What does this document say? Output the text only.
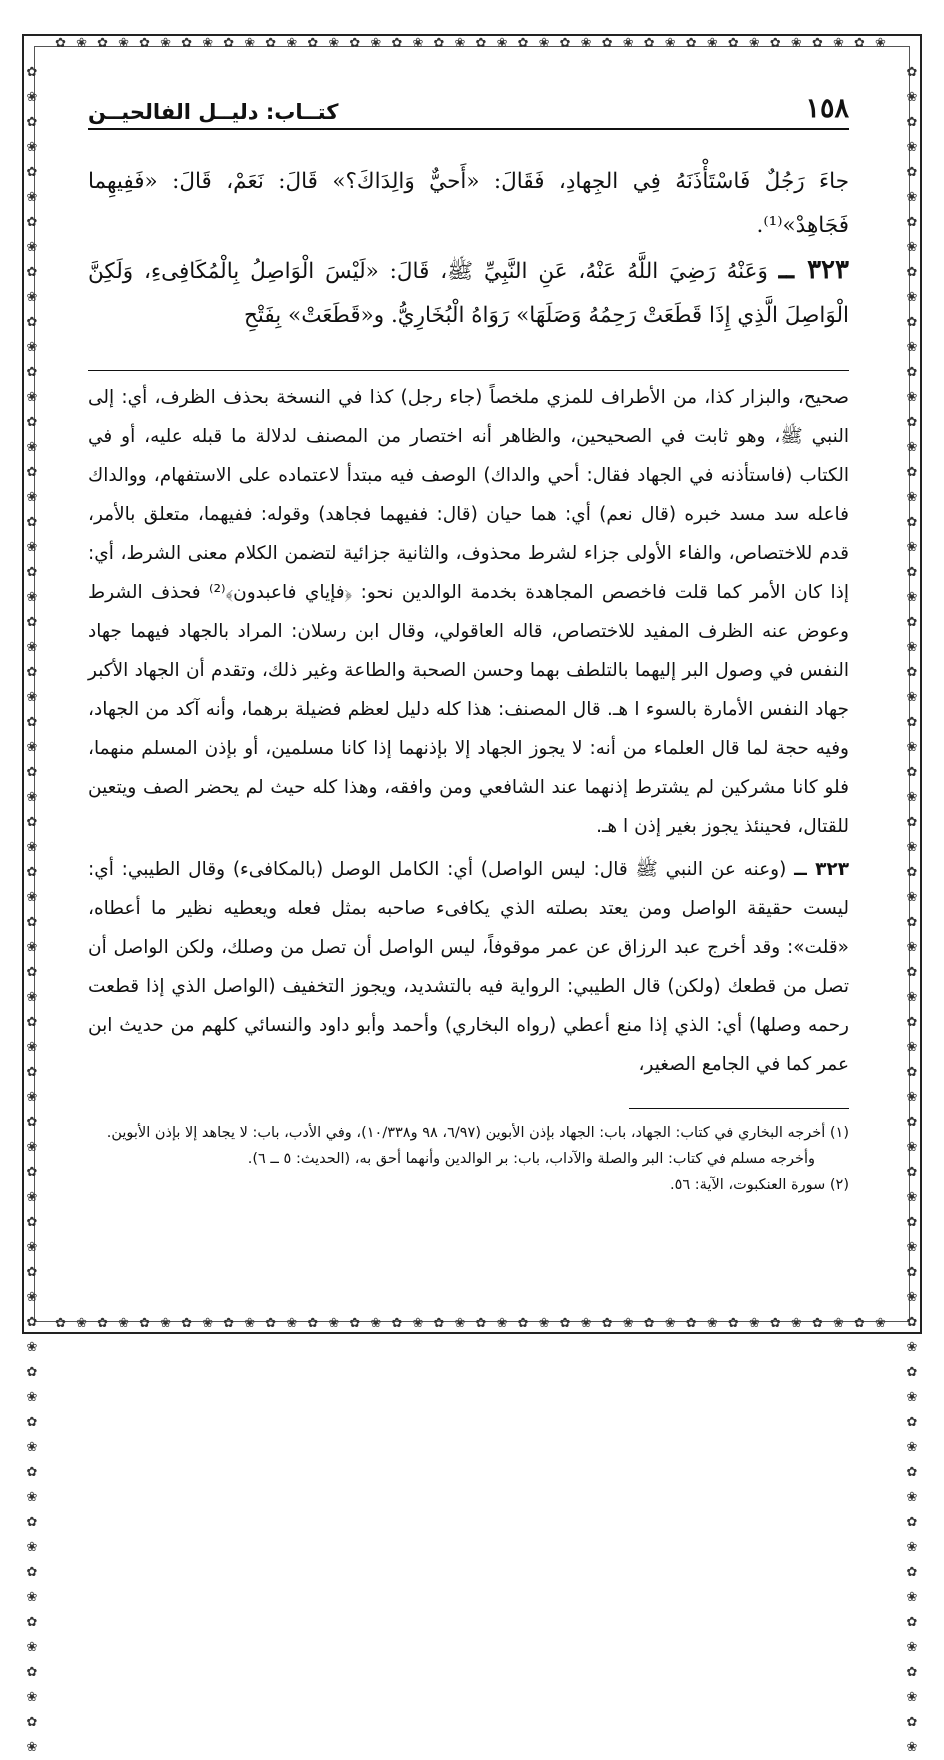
✿ ❀ ✿ ❀ ✿ ❀ ✿ ❀ ✿ ❀ ✿ ❀ ✿ ❀ ✿ ❀ ✿ ❀ ✿ ❀ ✿ ❀ ✿ ❀ ✿ ❀ ✿ ❀ ✿ ❀ ✿ ❀ ✿ ❀ ✿ ❀ ✿ ❀ ✿ ❀
✿ ❀ ✿ ❀ ✿ ❀ ✿ ❀ ✿ ❀ ✿ ❀ ✿ ❀ ✿ ❀ ✿ ❀ ✿ ❀ ✿ ❀ ✿ ❀ ✿ ❀ ✿ ❀ ✿ ❀ ✿ ❀ ✿ ❀ ✿ ❀ ✿ ❀ ✿ ❀
✿❀✿❀✿❀✿❀✿❀✿❀✿❀✿❀✿❀✿❀✿❀✿❀✿❀✿❀✿❀✿❀✿❀✿❀✿❀✿❀✿❀✿❀✿❀✿❀✿❀✿❀✿❀✿❀✿❀✿❀✿❀✿❀✿❀✿❀
✿❀✿❀✿❀✿❀✿❀✿❀✿❀✿❀✿❀✿❀✿❀✿❀✿❀✿❀✿❀✿❀✿❀✿❀✿❀✿❀✿❀✿❀✿❀✿❀✿❀✿❀✿❀✿❀✿❀✿❀✿❀✿❀✿❀✿❀
١٥٨
كتــاب: دليــل الفالحيــن

جاءَ رَجُلٌ فَاسْتَأْذَنَهُ فِي الجِهادِ، فَقَالَ: «أَحيٌّ وَالِدَاكَ؟» قَالَ: نَعَمْ، قَالَ: «فَفِيهِما فَجَاهِدْ»⁽¹⁾.

٣٢٣ ــ وَعَنْهُ رَضِيَ اللَّهُ عَنْهُ، عَنِ النَّبِيِّ ﷺ، قَالَ: «لَيْسَ الْوَاصِلُ بِالْمُكَافِىءِ، وَلَكِنَّ الْوَاصِلَ الَّذِي إِذَا قَطَعَتْ رَحِمُهُ وَصَلَهَا» رَوَاهُ الْبُخَارِيُّ. و«قَطَعَتْ» بِفَتْحِ

صحيح، والبزار كذا، من الأطراف للمزي ملخصاً (جاء رجل) كذا في النسخة بحذف الظرف، أي: إلى النبي ﷺ، وهو ثابت في الصحيحين، والظاهر أنه اختصار من المصنف لدلالة ما قبله عليه، أو في الكتاب (فاستأذنه في الجهاد فقال: أحي والداك) الوصف فيه مبتدأ لاعتماده على الاستفهام، ووالداك فاعله سد مسد خبره (قال نعم) أي: هما حيان (قال: ففيهما فجاهد) وقوله: ففيهما، متعلق بالأمر، قدم للاختصاص، والفاء الأولى جزاء لشرط محذوف، والثانية جزائية لتضمن الكلام معنى الشرط، أي: إذا كان الأمر كما قلت فاخصص المجاهدة بخدمة الوالدين نحو: ﴿فإياي فاعبدون﴾⁽²⁾ فحذف الشرط وعوض عنه الظرف المفيد للاختصاص، قاله العاقولي، وقال ابن رسلان: المراد بالجهاد فيهما جهاد النفس في وصول البر إليهما بالتلطف بهما وحسن الصحبة والطاعة وغير ذلك، وتقدم أن الجهاد الأكبر جهاد النفس الأمارة بالسوء ا هـ. قال المصنف: هذا كله دليل لعظم فضيلة برهما، وأنه آكد من الجهاد، وفيه حجة لما قال العلماء من أنه: لا يجوز الجهاد إلا بإذنهما إذا كانا مسلمين، أو بإذن المسلم منهما، فلو كانا مشركين لم يشترط إذنهما عند الشافعي ومن وافقه، وهذا كله حيث لم يحضر الصف ويتعين للقتال، فحينئذ يجوز بغير إذن ا هـ.

٣٢٣ ــ (وعنه عن النبي ﷺ قال: ليس الواصل) أي: الكامل الوصل (بالمكافىء) وقال الطيبي: أي: ليست حقيقة الواصل ومن يعتد بصلته الذي يكافىء صاحبه بمثل فعله ويعطيه نظير ما أعطاه، «قلت»: وقد أخرج عبد الرزاق عن عمر موقوفاً، ليس الواصل أن تصل من وصلك، ولكن الواصل أن تصل من قطعك (ولكن) قال الطيبي: الرواية فيه بالتشديد، ويجوز التخفيف (الواصل الذي إذا قطعت رحمه وصلها) أي: الذي إذا منع أعطي (رواه البخاري) وأحمد وأبو داود والنسائي كلهم من حديث ابن عمر كما في الجامع الصغير،

(١) أخرجه البخاري في كتاب: الجهاد، باب: الجهاد بإذن الأبوين (٦/٩٧، ٩٨ و١٠/٣٣٨)، وفي الأدب، باب: لا يجاهد إلا بإذن الأبوين.

وأخرجه مسلم في كتاب: البر والصلة والآداب، باب: بر الوالدين وأنهما أحق به، (الحديث: ٥ ــ ٦).

(٢) سورة العنكبوت، الآية: ٥٦.
